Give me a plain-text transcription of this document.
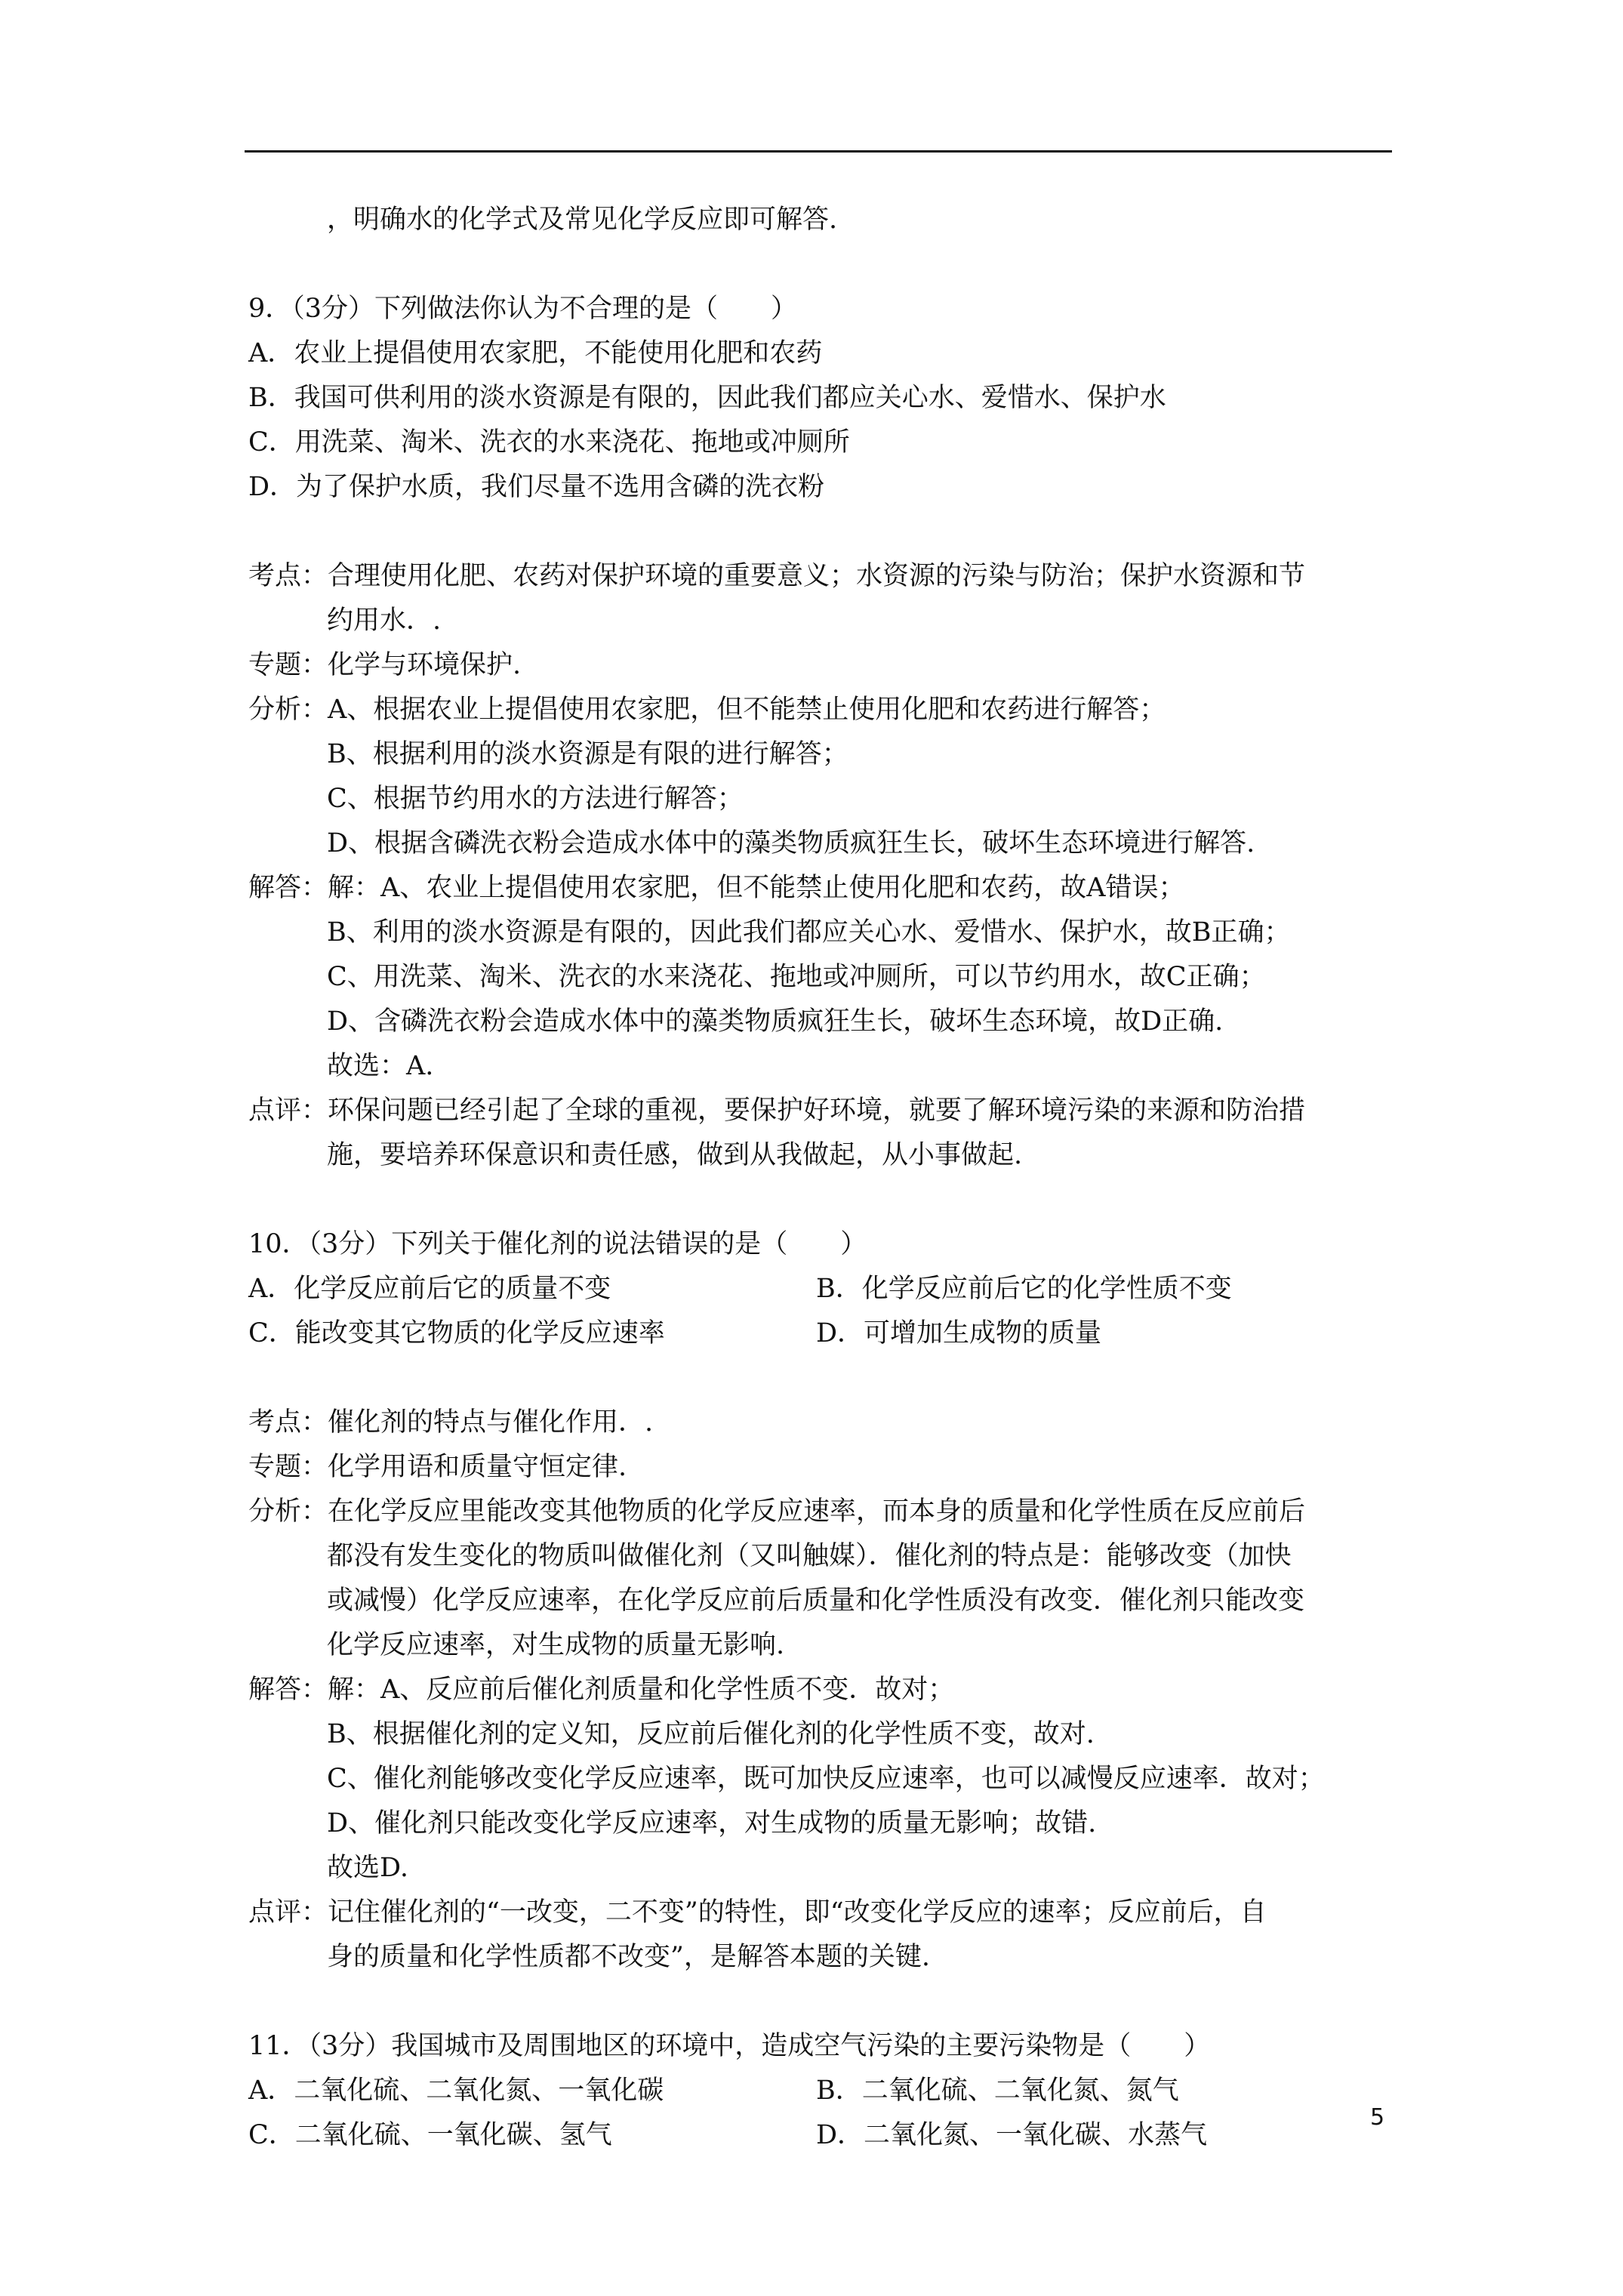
，明确水的化学式及常见化学反应即可解答.
9．（3分）下列做法你认为不合理的是（　　）
A．农业上提倡使用农家肥，不能使用化肥和农药
B．我国可供利用的淡水资源是有限的，因此我们都应关心水、爱惜水、保护水
C．用洗菜、淘米、洗衣的水来浇花、拖地或冲厕所
D．为了保护水质，我们尽量不选用含磷的洗衣粉
考点：合理使用化肥、农药对保护环境的重要意义；水资源的污染与防治；保护水资源和节
约用水．.
专题：化学与环境保护.
分析：A、根据农业上提倡使用农家肥，但不能禁止使用化肥和农药进行解答；
B、根据利用的淡水资源是有限的进行解答；
C、根据节约用水的方法进行解答；
D、根据含磷洗衣粉会造成水体中的藻类物质疯狂生长，破坏生态环境进行解答.
解答：解：A、农业上提倡使用农家肥，但不能禁止使用化肥和农药，故A错误；
B、利用的淡水资源是有限的，因此我们都应关心水、爱惜水、保护水，故B正确；
C、用洗菜、淘米、洗衣的水来浇花、拖地或冲厕所，可以节约用水，故C正确；
D、含磷洗衣粉会造成水体中的藻类物质疯狂生长，破坏生态环境，故D正确.
故选：A.
点评：环保问题已经引起了全球的重视，要保护好环境，就要了解环境污染的来源和防治措
施，要培养环保意识和责任感，做到从我做起，从小事做起.
10．（3分）下列关于催化剂的说法错误的是（　　）
A．化学反应前后它的质量不变	B．化学反应前后它的化学性质不变
C．能改变其它物质的化学反应速率	D．可增加生成物的质量
考点：催化剂的特点与催化作用．.
专题：化学用语和质量守恒定律.
分析：在化学反应里能改变其他物质的化学反应速率，而本身的质量和化学性质在反应前后
都没有发生变化的物质叫做催化剂（又叫触媒）．催化剂的特点是：能够改变（加快
或减慢）化学反应速率，在化学反应前后质量和化学性质没有改变．催化剂只能改变
化学反应速率，对生成物的质量无影响.
解答：解：A、反应前后催化剂质量和化学性质不变．故对；
B、根据催化剂的定义知，反应前后催化剂的化学性质不变，故对.
C、催化剂能够改变化学反应速率，既可加快反应速率，也可以减慢反应速率．故对；
D、催化剂只能改变化学反应速率，对生成物的质量无影响；故错.
故选D.
点评：记住催化剂的“一改变，二不变”的特性，即“改变化学反应的速率；反应前后，自
身的质量和化学性质都不改变”，是解答本题的关键.
11．（3分）我国城市及周围地区的环境中，造成空气污染的主要污染物是（　　）
A．二氧化硫、二氧化氮、一氧化碳	B．二氧化硫、二氧化氮、氮气
C．二氧化硫、一氧化碳、氢气	D．二氧化氮、一氧化碳、水蒸气
5
